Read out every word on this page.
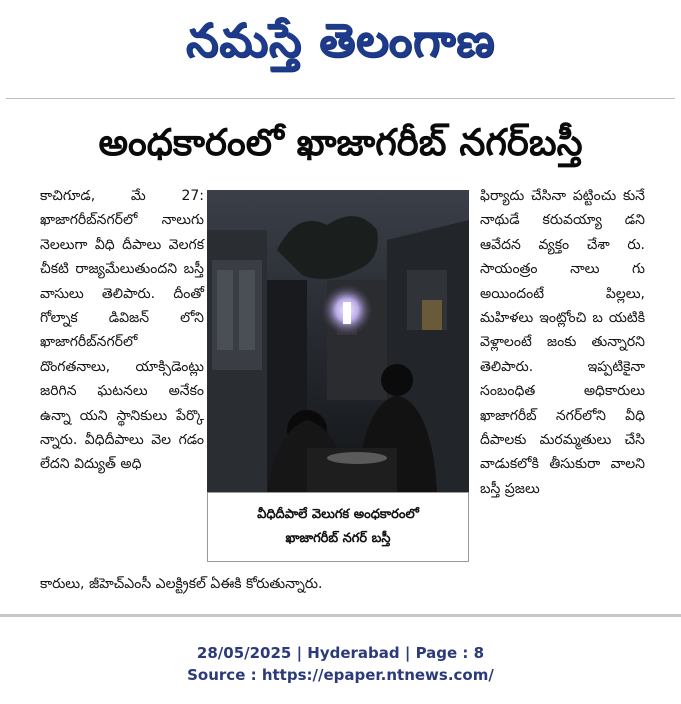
నమస్తే తెలంగాణ
అంధకారంలో ఖాజాగరీబ్ నగర్‌బస్తీ

కాచిగూడ, మే 27: ఖాజాగరీబ్‌నగర్‌లో నాలుగు నెలలుగా వీధి దీపాలు వెలగక చీకటి రాజ్యమేలుతుందని బస్తీ వాసులు తెలిపారు. దీంతో గోల్నాక డివిజన్ లోని ఖాజాగరీబ్‌నగర్‌లో దొంగతనాలు, యాక్సిడెంట్లు జరిగిన ఘటనలు అనేకం ఉన్నా యని స్థానికులు పేర్కొ న్నారు. వీధిదీపాలు వెల గడం లేదని విద్యుత్ అధి

వీధిదీపాలే వెలుగక అంధకారంలో
ఖాజాగరీబ్ నగర్ బస్తీ

ఫిర్యాదు చేసినా పట్టించు కునే నాథుడే కరువయ్యా డని ఆవేదన వ్యక్తం చేశా రు. సాయంత్రం నాలు గు అయిందంటే పిల్లలు, మహిళలు ఇంట్లోంచి బ యటికి వెళ్లాలంటే జంకు తున్నారని తెలిపారు. ఇప్పటికైనా సంబంధిత అధికారులు ఖాజాగరీబ్ నగర్‌లోని వీధి దీపాలకు మరమ్మతులు చేసి వాడుకలోకి తీసుకురా వాలని బస్తీ ప్రజలు

కారులు, జీహెచ్‌ఎంసీ ఎలక్ట్రికల్ ఏఈకి కోరుతున్నారు.

28/05/2025 | Hyderabad | Page : 8
Source : https://epaper.ntnews.com/
